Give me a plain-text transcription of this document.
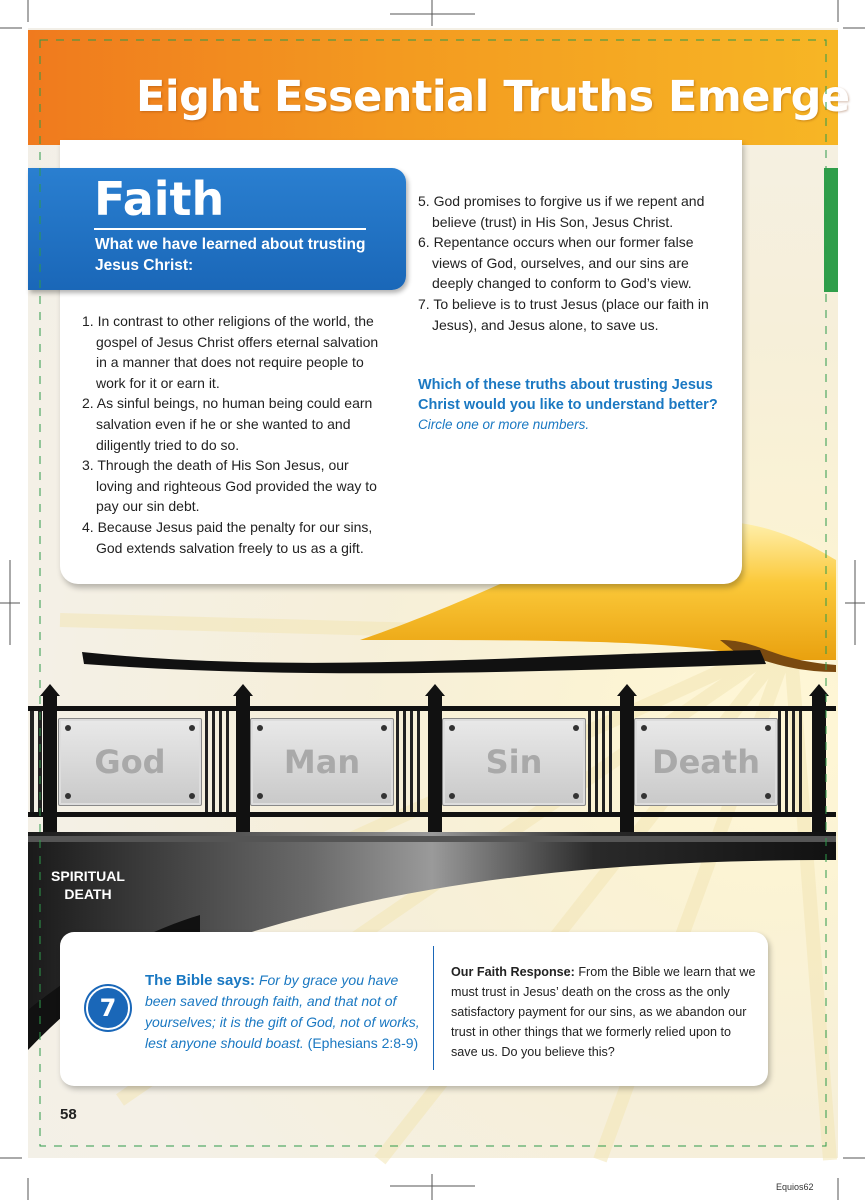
God	Man	Sin	Death
SPIRITUAL DEATH
Eight Essential Truths Emerge
Faith
What we have learned about trusting Jesus Christ:
1. In contrast to other religions of the world, the gospel of Jesus Christ offers eternal salvation in a manner that does not require people to work for it or earn it.
2. As sinful beings, no human being could earn salvation even if he or she wanted to and diligently tried to do so.
3. Through the death of His Son Jesus, our loving and righteous God provided the way to pay our sin debt.
4. Because Jesus paid the penalty for our sins, God extends salvation freely to us as a gift.
5. God promises to forgive us if we repent and believe (trust) in His Son, Jesus Christ.
6. Repentance occurs when our former false views of God, ourselves, and our sins are deeply changed to conform to God’s view.
7. To believe is to trust Jesus (place our faith in Jesus), and Jesus alone, to save us.
Which of these truths about trusting Jesus Christ would you like to understand better?
Circle one or more numbers.
7
The Bible says: For by grace you have been saved through faith, and that not of yourselves; it is the gift of God, not of works, lest anyone should boast. (Ephesians 2:8-9)
Our Faith Response: From the Bible we learn that we must trust in Jesus’ death on the cross as the only satisfactory payment for our sins, as we abandon our trust in other things that we formerly relied upon to save us. Do you believe this?
58
Equios62
